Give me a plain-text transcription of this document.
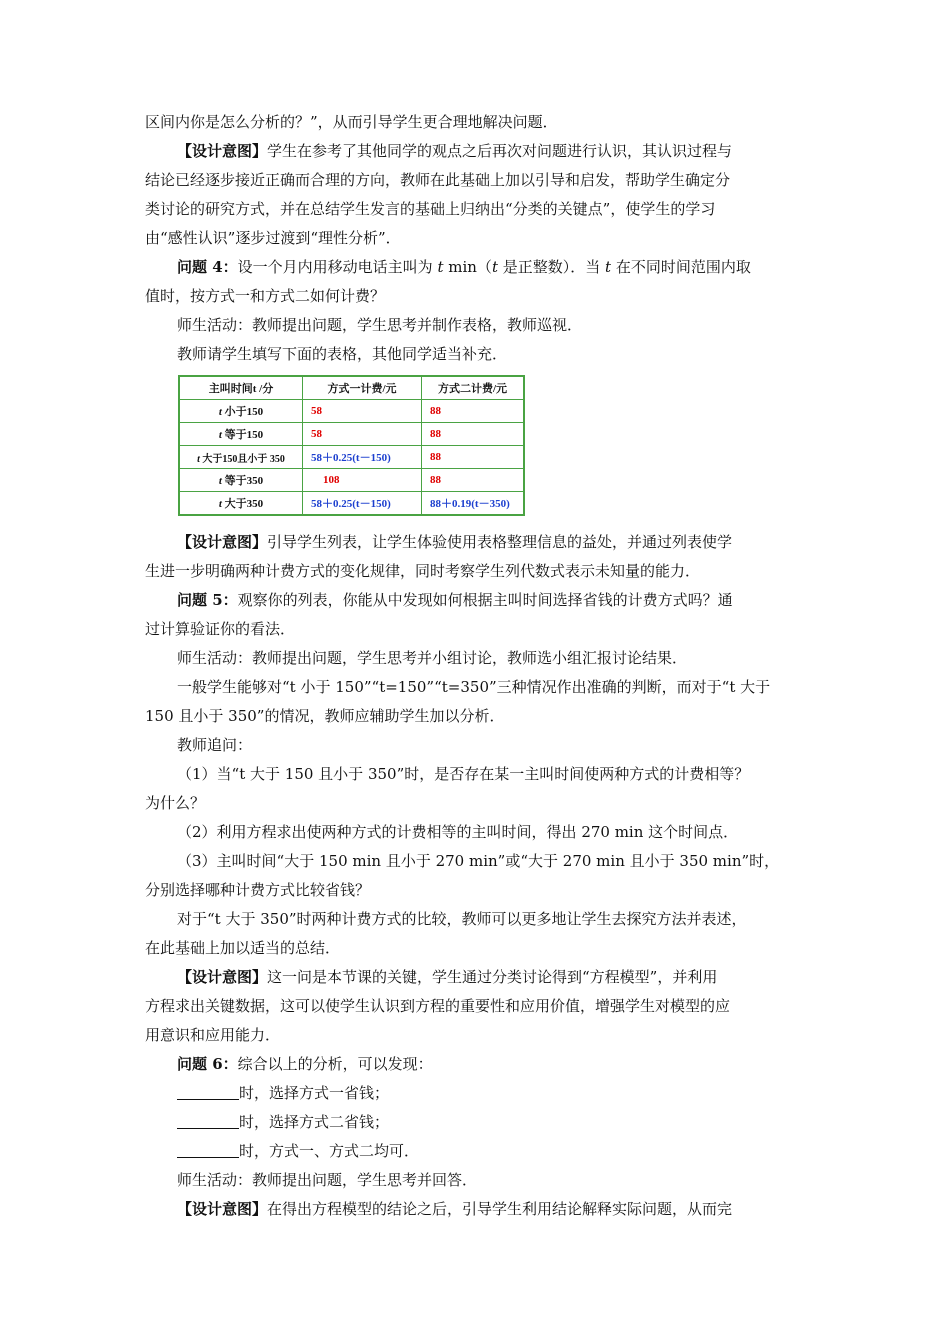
区间内你是怎么分析的？”，从而引导学生更合理地解决问题．
【设计意图】学生在参考了其他同学的观点之后再次对问题进行认识，其认识过程与
结论已经逐步接近正确而合理的方向，教师在此基础上加以引导和启发，帮助学生确定分
类讨论的研究方式，并在总结学生发言的基础上归纳出“分类的关键点”，使学生的学习
由“感性认识”逐步过渡到“理性分析”．
问题 4：设一个月内用移动电话主叫为 t min（t 是正整数）．当 t 在不同时间范围内取
值时，按方式一和方式二如何计费？
师生活动：教师提出问题，学生思考并制作表格，教师巡视．
教师请学生填写下面的表格，其他同学适当补充．
主叫时间t /分	方式一计费/元	方式二计费/元
t 小于150	58	88
t 等于150	58	88
t 大于150且小于 350	58＋0.25(t－150)	88
t 等于350	108	88
t 大于350	58＋0.25(t－150)	88＋0.19(t－350)
【设计意图】引导学生列表，让学生体验使用表格整理信息的益处，并通过列表使学
生进一步明确两种计费方式的变化规律，同时考察学生列代数式表示未知量的能力．
问题 5：观察你的列表，你能从中发现如何根据主叫时间选择省钱的计费方式吗？通
过计算验证你的看法．
师生活动：教师提出问题，学生思考并小组讨论，教师选小组汇报讨论结果．
一般学生能够对“t 小于 150”“t=150”“t=350”三种情况作出准确的判断，而对于“t 大于
150 且小于 350”的情况，教师应辅助学生加以分析．
教师追问：
（1）当“t 大于 150 且小于 350”时，是否存在某一主叫时间使两种方式的计费相等？
为什么？
（2）利用方程求出使两种方式的计费相等的主叫时间，得出 270 min 这个时间点．
（3）主叫时间“大于 150 min 且小于 270 min”或“大于 270 min 且小于 350 min”时，
分别选择哪种计费方式比较省钱？
对于“t 大于 350”时两种计费方式的比较，教师可以更多地让学生去探究方法并表述，
在此基础上加以适当的总结．
【设计意图】这一问是本节课的关键，学生通过分类讨论得到“方程模型”，并利用
方程求出关键数据，这可以使学生认识到方程的重要性和应用价值，增强学生对模型的应
用意识和应用能力．
问题 6：综合以上的分析，可以发现：
时，选择方式一省钱；
时，选择方式二省钱；
时，方式一、方式二均可．
师生活动：教师提出问题，学生思考并回答．
【设计意图】在得出方程模型的结论之后，引导学生利用结论解释实际问题，从而完
